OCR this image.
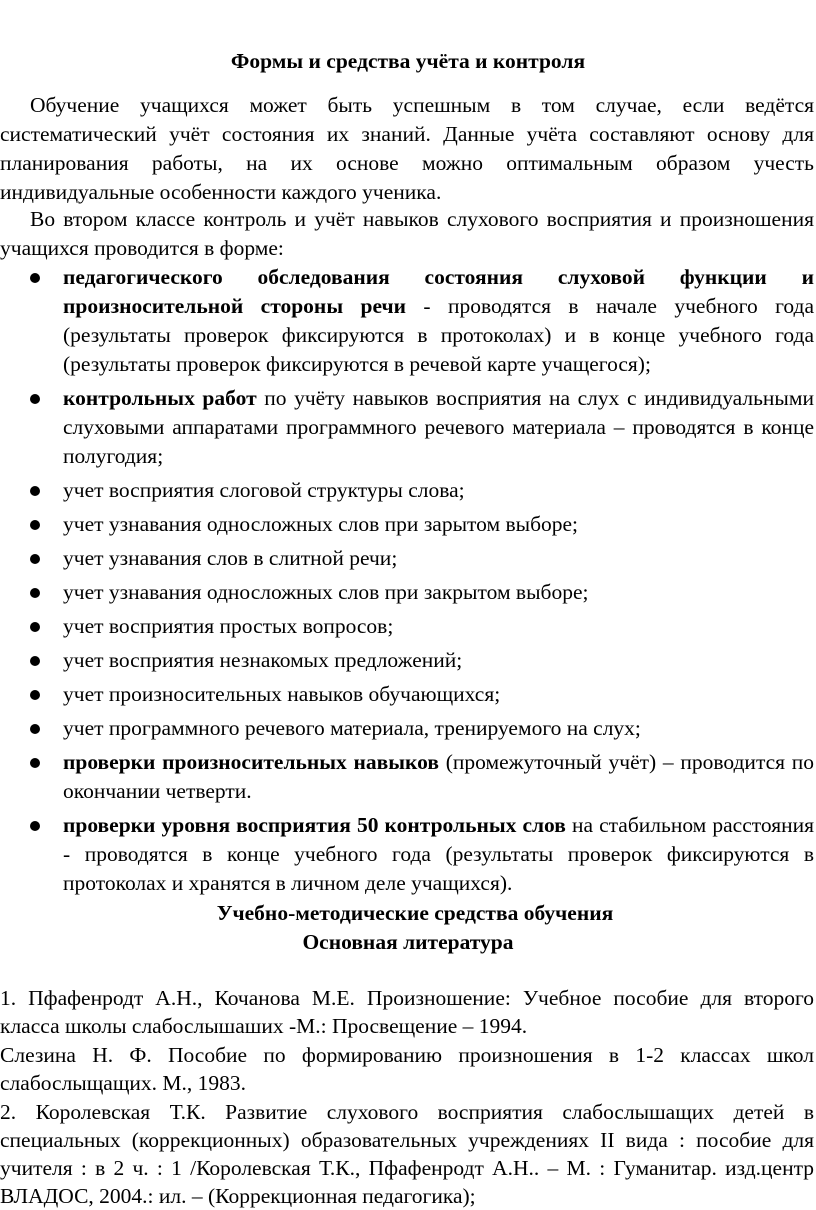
Формы и средства учёта и контроля
Обучение учащихся может быть успешным в том случае, если ведётся систематический учёт состояния их знаний. Данные учёта составляют основу для планирования работы, на их основе можно оптимальным образом учесть индивидуальные особенности каждого ученика.
Во втором классе контроль и учёт навыков слухового восприятия и произношения учащихся проводится в форме:
педагогического обследования состояния слуховой функции и произносительной стороны речи - проводятся в начале учебного года (результаты проверок фиксируются в протоколах) и в конце учебного года (результаты проверок фиксируются в речевой карте учащегося);
контрольных работ по учёту навыков восприятия на слух с индивидуальными слуховыми аппаратами программного речевого материала – проводятся в конце полугодия;
учет восприятия слоговой структуры слова;
учет узнавания односложных слов при зарытом выборе;
учет узнавания слов в слитной речи;
учет узнавания односложных слов при закрытом выборе;
учет восприятия простых вопросов;
учет восприятия незнакомых предложений;
учет произносительных навыков обучающихся;
учет программного речевого материала, тренируемого на слух;
проверки произносительных навыков (промежуточный учёт) – проводится по окончании четверти.
проверки уровня восприятия 50 контрольных слов на стабильном расстояния - проводятся в конце учебного года (результаты проверок фиксируются в протоколах и хранятся в личном деле учащихся).
Учебно-методические средства обучения
Основная литература
1. Пфафенродт А.Н., Кочанова М.Е. Произношение: Учебное пособие для второго класса школы слабослышаших -М.: Просвещение – 1994.
Слезина Н. Ф. Пособие по формированию произношения в 1-2 классах школ слабослыщащих. М., 1983.
2. Королевская Т.К. Развитие слухового восприятия слабослышащих детей в специальных (коррекционных) образовательных учреждениях II вида : пособие для учителя : в 2 ч. : 1 /Королевская Т.К., Пфафенродт А.Н.. – М. : Гуманитар. изд.центр ВЛАДОС, 2004.: ил. – (Коррекционная педагогика);
